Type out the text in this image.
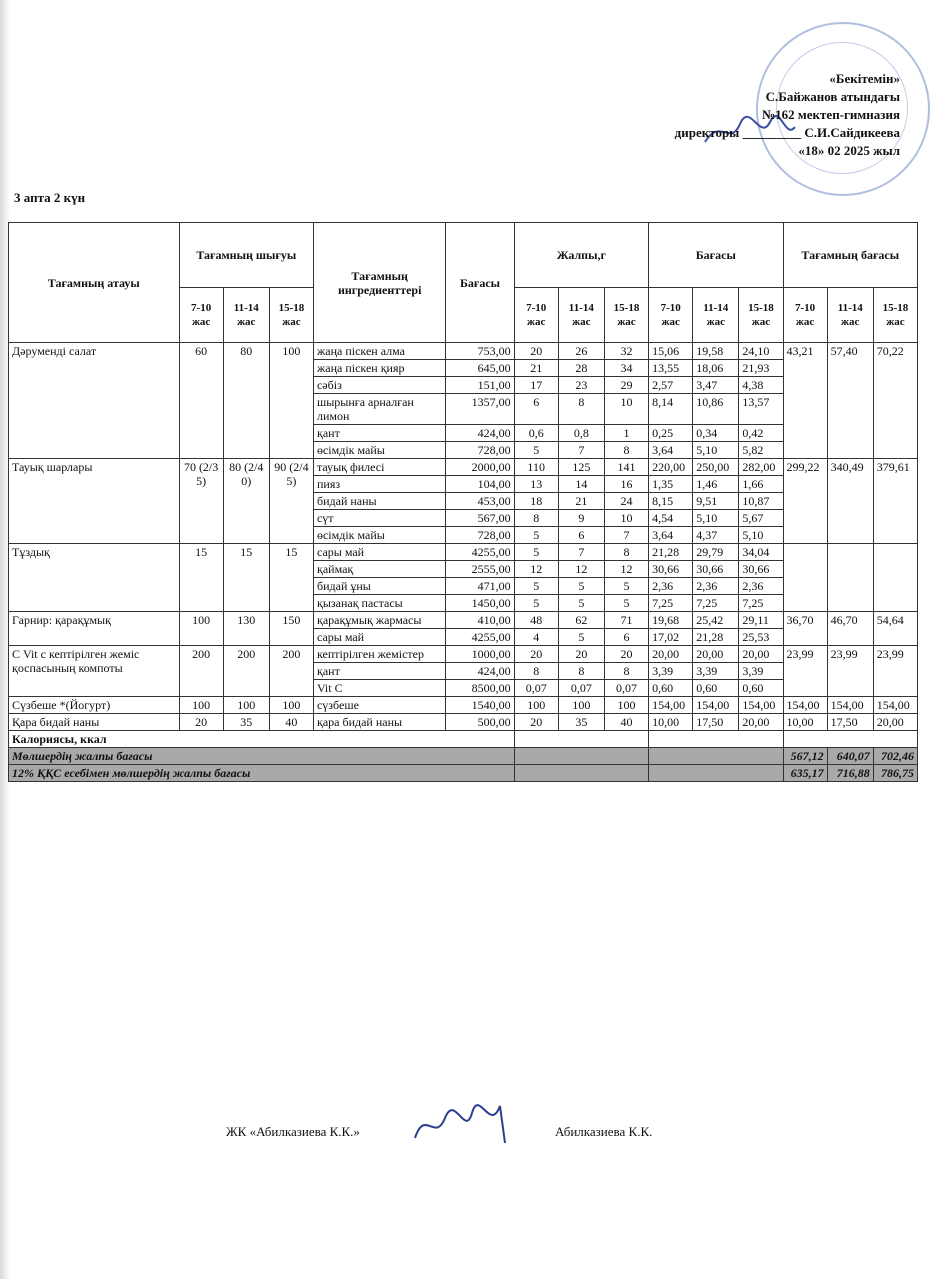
«Бекітемін»
С.Байжанов атындағы
№162 мектеп-гимназия
директоры _________ С.И.Сайдикеева
«18» 02 2025 жыл
3 апта 2 күн
Тағамның атауы	Тағамның шығуы			Тағамның ингредиенттері	Бағасы	Жалпы,г			Бағасы			Тағамның бағасы		
	7-10 жас	11-14 жас	15-18 жас			7-10 жас	11-14 жас	15-18 жас	7-10 жас	11-14 жас	15-18 жас	7-10 жас	11-14 жас	15-18 жас
Дәруменді салат	60	80	100	жаңа піскен алма	753,00	20	26	32	15,06	19,58	24,10	43,21	57,40	70,22
				жаңа піскен қияр	645,00	21	28	34	13,55	18,06	21,93			
				сәбіз	151,00	17	23	29	2,57	3,47	4,38			
				шырынға арналған лимон	1357,00	6	8	10	8,14	10,86	13,57			
				қант	424,00	0,6	0,8	1	0,25	0,34	0,42			
				өсімдік майы	728,00	5	7	8	3,64	5,10	5,82			
Тауық шарлары	70 (2/35)	80 (2/40)	90 (2/45)	тауық филесі	2000,00	110	125	141	220,00	250,00	282,00	299,22	340,49	379,61
				пияз	104,00	13	14	16	1,35	1,46	1,66			
				бидай наны	453,00	18	21	24	8,15	9,51	10,87			
				сүт	567,00	8	9	10	4,54	5,10	5,67			
				өсімдік майы	728,00	5	6	7	3,64	4,37	5,10			
Тұздық	15	15	15	сары май	4255,00	5	7	8	21,28	29,79	34,04			
				қаймақ	2555,00	12	12	12	30,66	30,66	30,66			
				бидай ұны	471,00	5	5	5	2,36	2,36	2,36			
				қызанақ пастасы	1450,00	5	5	5	7,25	7,25	7,25			
Гарнир: қарақұмық	100	130	150	қарақұмық жармасы	410,00	48	62	71	19,68	25,42	29,11	36,70	46,70	54,64
				сары май	4255,00	4	5	6	17,02	21,28	25,53			
С Vit с кептірілген жеміс қоспасының компоты	200	200	200	кептірілген жемістер	1000,00	20	20	20	20,00	20,00	20,00	23,99	23,99	23,99
				қант	424,00	8	8	8	3,39	3,39	3,39			
				Vit C	8500,00	0,07	0,07	0,07	0,60	0,60	0,60			
Сүзбеше *(Йогурт)	100	100	100	сүзбеше	1540,00	100	100	100	154,00	154,00	154,00	154,00	154,00	154,00
Қара бидай наны	20	35	40	қара бидай наны	500,00	20	35	40	10,00	17,50	20,00	10,00	17,50	20,00
Калориясы, ккал														
Мөлшердің жалпы бағасы												567,12	640,07	702,46
12% ҚҚС есебімен мөлшердің жалпы бағасы												635,17	716,88	786,75
ЖК «Абилказиева К.К.»	Абилказиева К.К.
